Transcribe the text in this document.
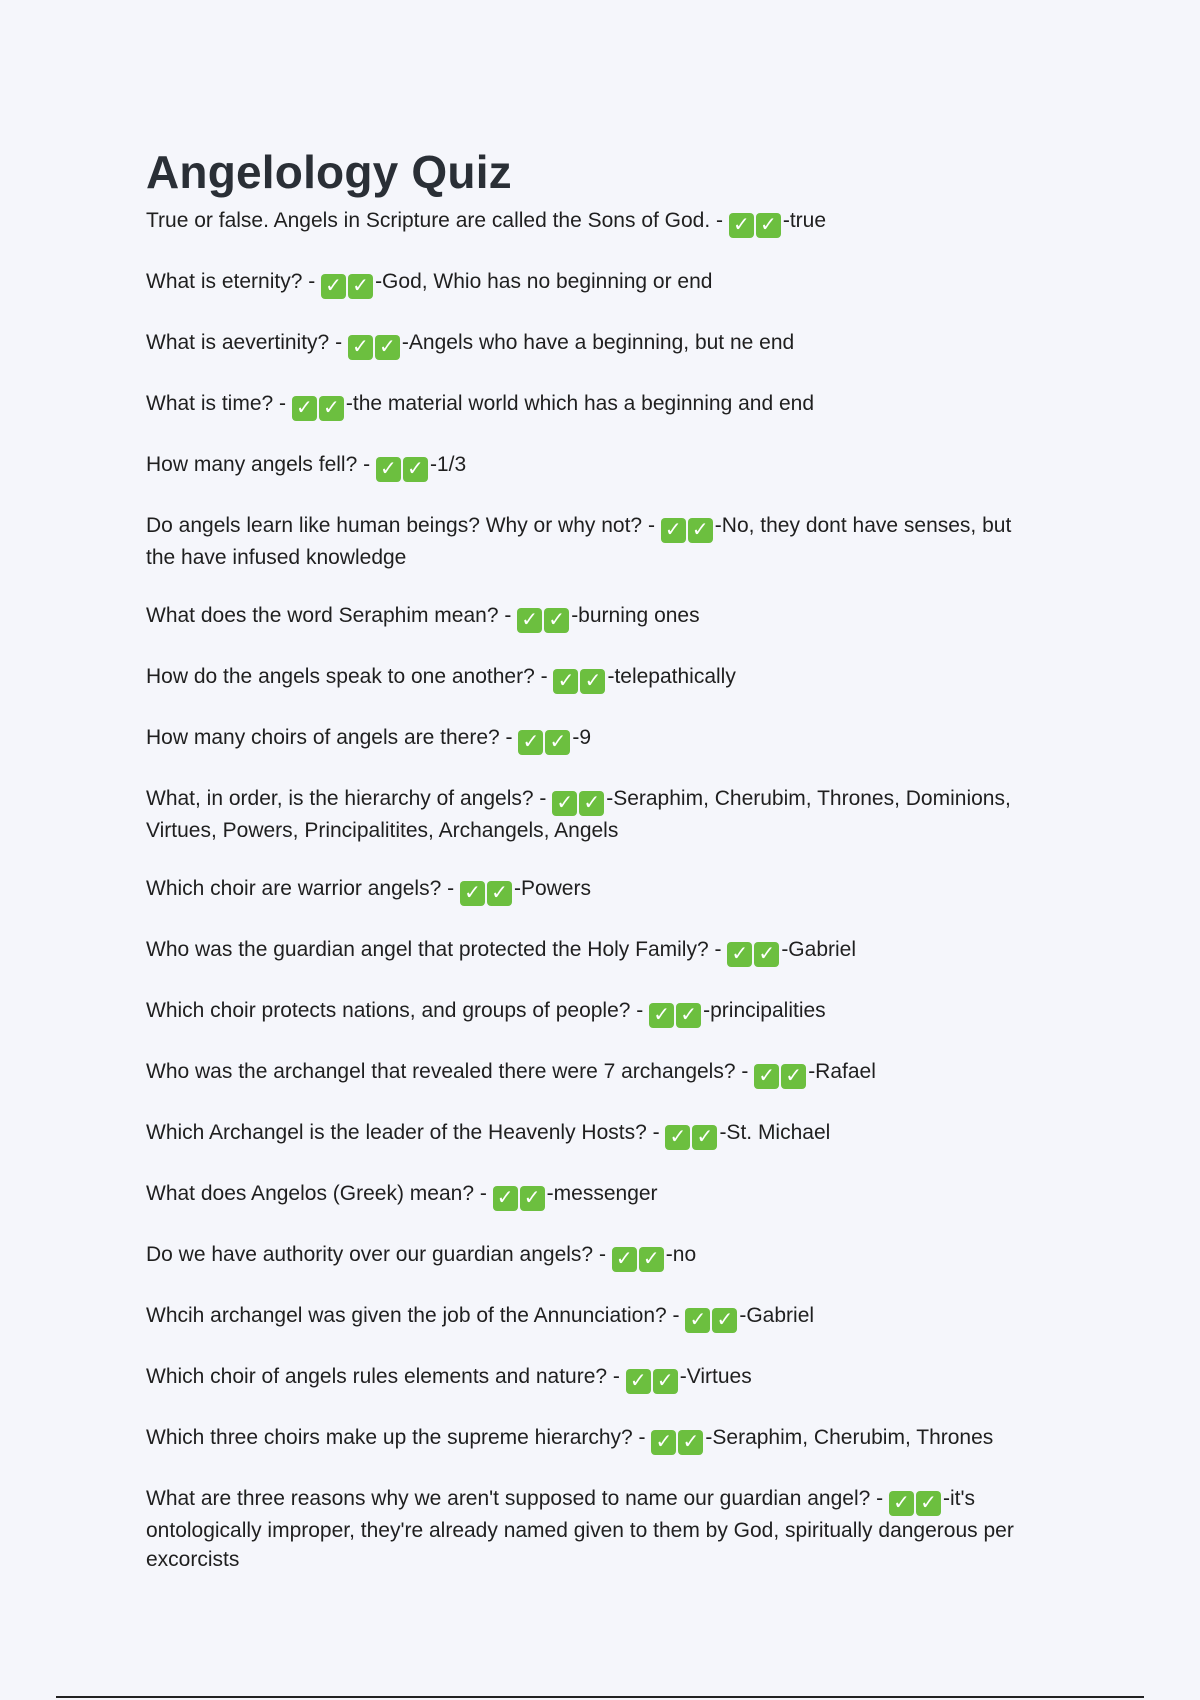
Angelology Quiz

True or false. Angels in Scripture are called the Sons of God. - ✓ ✓ -true

What is eternity? - ✓ ✓ -God, Whio has no beginning or end

What is aevertinity? - ✓ ✓ -Angels who have a beginning, but ne end

What is time? - ✓ ✓ -the material world which has a beginning and end

How many angels fell? - ✓ ✓ -1/3

Do angels learn like human beings? Why or why not? - ✓ ✓ -No, they dont have senses, but the have infused knowledge

What does the word Seraphim mean? - ✓ ✓ -burning ones

How do the angels speak to one another? - ✓ ✓ -telepathically

How many choirs of angels are there? - ✓ ✓ -9

What, in order, is the hierarchy of angels? - ✓ ✓ -Seraphim, Cherubim, Thrones, Dominions, Virtues, Powers, Principalitites, Archangels, Angels

Which choir are warrior angels? - ✓ ✓ -Powers

Who was the guardian angel that protected the Holy Family? - ✓ ✓ -Gabriel

Which choir protects nations, and groups of people? - ✓ ✓ -principalities

Who was the archangel that revealed there were 7 archangels? - ✓ ✓ -Rafael

Which Archangel is the leader of the Heavenly Hosts? - ✓ ✓ -St. Michael

What does Angelos (Greek) mean? - ✓ ✓ -messenger

Do we have authority over our guardian angels? - ✓ ✓ -no

Whcih archangel was given the job of the Annunciation? - ✓ ✓ -Gabriel

Which choir of angels rules elements and nature? - ✓ ✓ -Virtues

Which three choirs make up the supreme hierarchy? - ✓ ✓ -Seraphim, Cherubim, Thrones

What are three reasons why we aren't supposed to name our guardian angel? - ✓ ✓ -it's ontologically improper, they're already named given to them by God, spiritually dangerous per excorcists
